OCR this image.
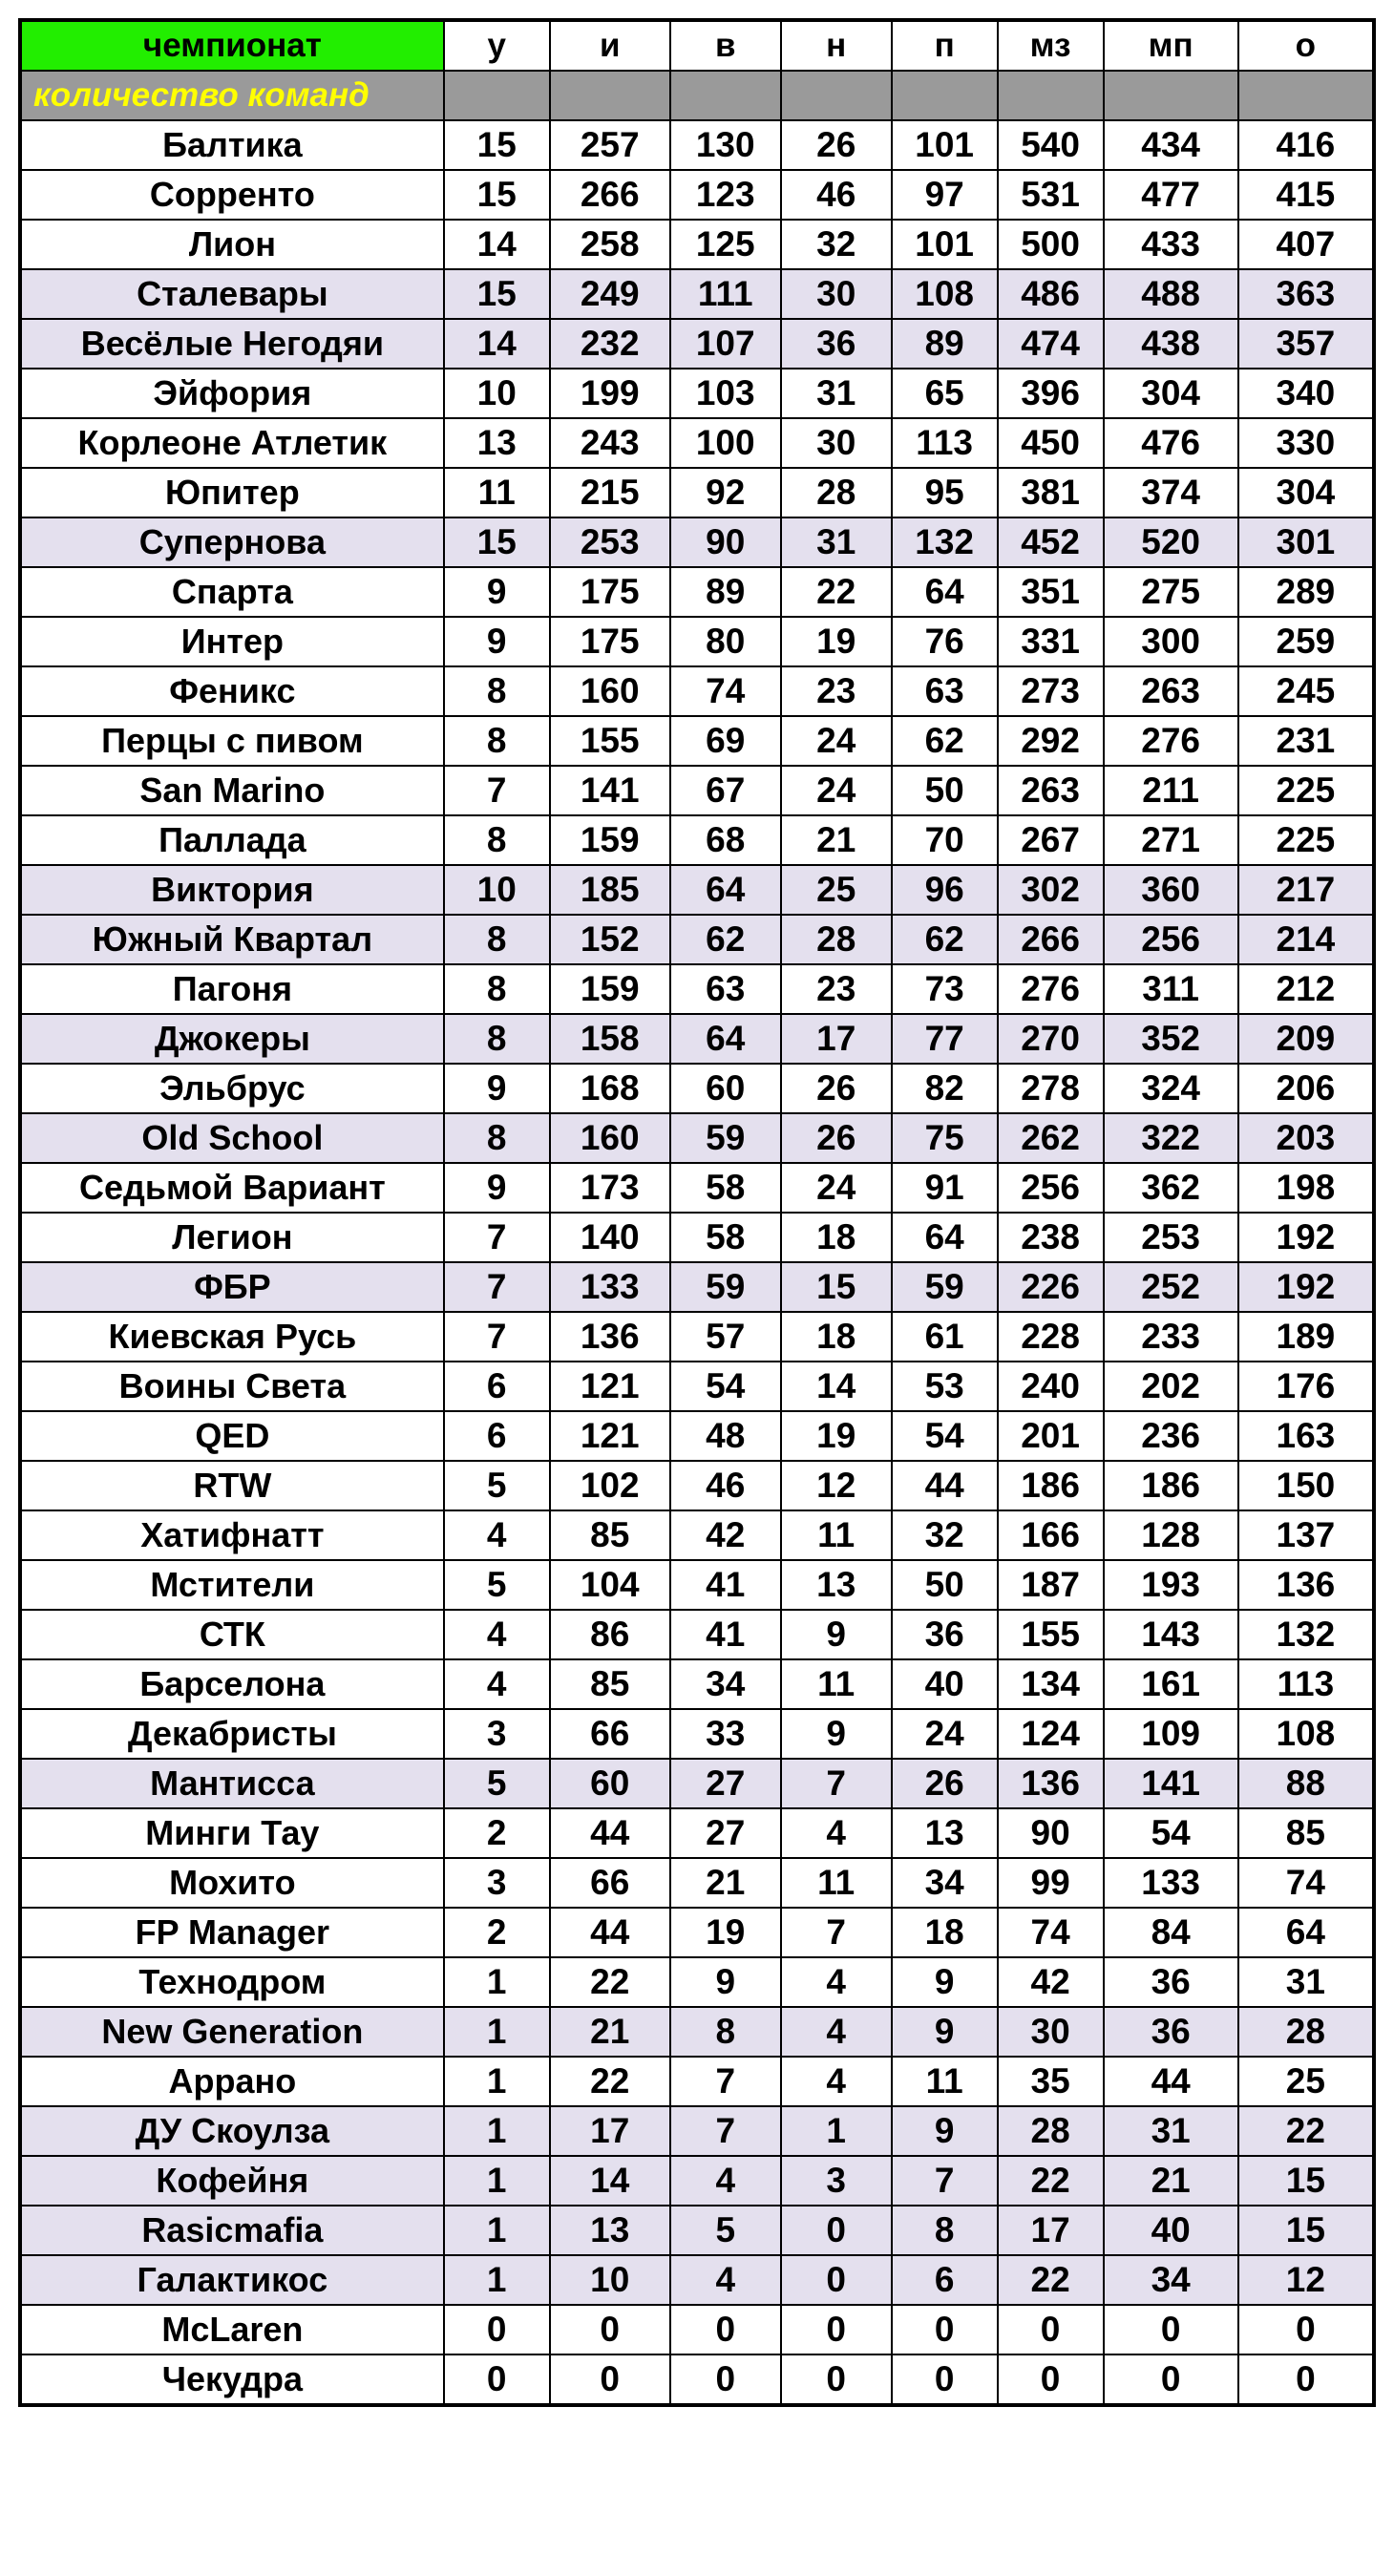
чемпионат	у	и	в	н	п	мз	мп	о
количество команд								
Балтика	15	257	130	26	101	540	434	416
Сорренто	15	266	123	46	97	531	477	415
Лион	14	258	125	32	101	500	433	407
Сталевары	15	249	111	30	108	486	488	363
Весёлые Негодяи	14	232	107	36	89	474	438	357
Эйфория	10	199	103	31	65	396	304	340
Корлеоне Атлетик	13	243	100	30	113	450	476	330
Юпитер	11	215	92	28	95	381	374	304
Супернова	15	253	90	31	132	452	520	301
Спарта	9	175	89	22	64	351	275	289
Интер	9	175	80	19	76	331	300	259
Феникс	8	160	74	23	63	273	263	245
Перцы с пивом	8	155	69	24	62	292	276	231
San Marino	7	141	67	24	50	263	211	225
Паллада	8	159	68	21	70	267	271	225
Виктория	10	185	64	25	96	302	360	217
Южный Квартал	8	152	62	28	62	266	256	214
Пагоня	8	159	63	23	73	276	311	212
Джокеры	8	158	64	17	77	270	352	209
Эльбрус	9	168	60	26	82	278	324	206
Old School	8	160	59	26	75	262	322	203
Седьмой Вариант	9	173	58	24	91	256	362	198
Легион	7	140	58	18	64	238	253	192
ФБР	7	133	59	15	59	226	252	192
Киевская Русь	7	136	57	18	61	228	233	189
Воины Света	6	121	54	14	53	240	202	176
QED	6	121	48	19	54	201	236	163
RTW	5	102	46	12	44	186	186	150
Хатифнатт	4	85	42	11	32	166	128	137
Мстители	5	104	41	13	50	187	193	136
СТК	4	86	41	9	36	155	143	132
Барселона	4	85	34	11	40	134	161	113
Декабристы	3	66	33	9	24	124	109	108
Мантисса	5	60	27	7	26	136	141	88
Минги Тау	2	44	27	4	13	90	54	85
Мохито	3	66	21	11	34	99	133	74
FP Manager	2	44	19	7	18	74	84	64
Технодром	1	22	9	4	9	42	36	31
New Generation	1	21	8	4	9	30	36	28
Аррано	1	22	7	4	11	35	44	25
ДУ Скоулза	1	17	7	1	9	28	31	22
Кофейня	1	14	4	3	7	22	21	15
Rasicmafia	1	13	5	0	8	17	40	15
Галактикос	1	10	4	0	6	22	34	12
McLaren	0	0	0	0	0	0	0	0
Чекудра	0	0	0	0	0	0	0	0
